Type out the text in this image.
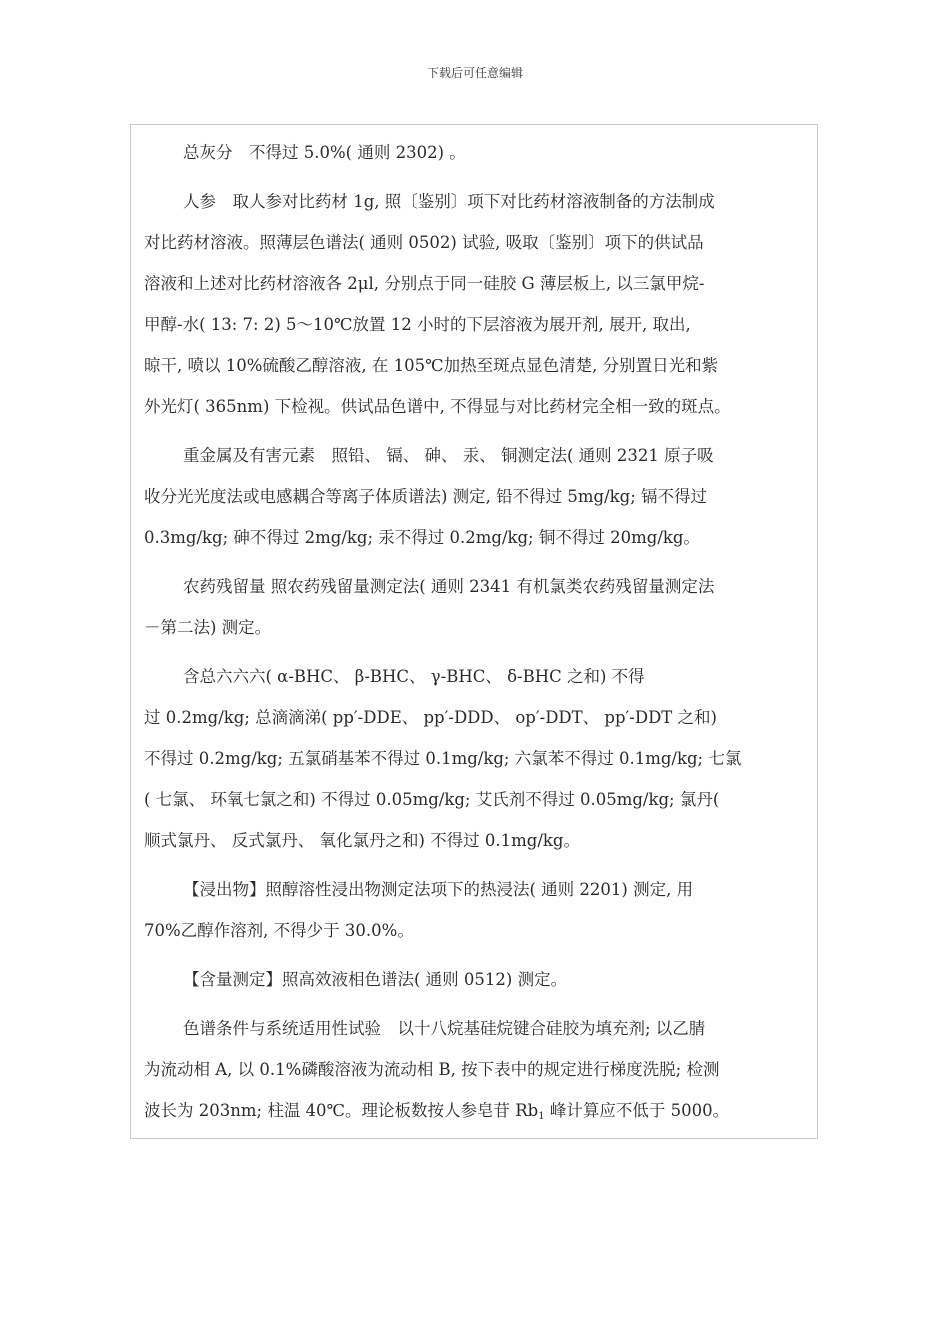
下载后可任意编辑
总灰分　不得过 5.0%( 通则 2302) 。
人参　取人参对比药材 1g, 照〔鉴别〕项下对比药材溶液制备的方法制成
对比药材溶液。照薄层色谱法( 通则 0502) 试验, 吸取〔鉴别〕项下的供试品
溶液和上述对比药材溶液各 2μl, 分别点于同一硅胶 G 薄层板上, 以三氯甲烷-
甲醇-水( 13: 7: 2) 5～10℃放置 12 小时的下层溶液为展开剂, 展开, 取出,
晾干, 喷以 10%硫酸乙醇溶液, 在 105℃加热至斑点显色清楚, 分别置日光和紫
外光灯( 365nm) 下检视。供试品色谱中, 不得显与对比药材完全相一致的斑点。
重金属及有害元素　照铅、 镉、 砷、 汞、 铜测定法( 通则 2321 原子吸
收分光光度法或电感耦合等离子体质谱法) 测定, 铅不得过 5mg/kg; 镉不得过
0.3mg/kg; 砷不得过 2mg/kg; 汞不得过 0.2mg/kg; 铜不得过 20mg/kg。
农药残留量 照农药残留量测定法( 通则 2341 有机氯类农药残留量测定法
－第二法) 测定。
含总六六六( α-BHC、 β-BHC、 γ-BHC、 δ-BHC 之和) 不得
过 0.2mg/kg; 总滴滴涕( pp′-DDE、 pp′-DDD、 op′-DDT、 pp′-DDT 之和)
不得过 0.2mg/kg; 五氯硝基苯不得过 0.1mg/kg; 六氯苯不得过 0.1mg/kg; 七氯
( 七氯、 环氧七氯之和) 不得过 0.05mg/kg; 艾氏剂不得过 0.05mg/kg; 氯丹(
顺式氯丹、 反式氯丹、 氧化氯丹之和) 不得过 0.1mg/kg。
【浸出物】照醇溶性浸出物测定法项下的热浸法( 通则 2201) 测定, 用
70%乙醇作溶剂, 不得少于 30.0%。
【含量测定】照高效液相色谱法( 通则 0512) 测定。
色谱条件与系统适用性试验　以十八烷基硅烷键合硅胶为填充剂; 以乙腈
为流动相 A, 以 0.1%磷酸溶液为流动相 B, 按下表中的规定进行梯度洗脱; 检测
波长为 203nm; 柱温 40℃。理论板数按人参皂苷 $Rb_1$ 峰计算应不低于 5000。
